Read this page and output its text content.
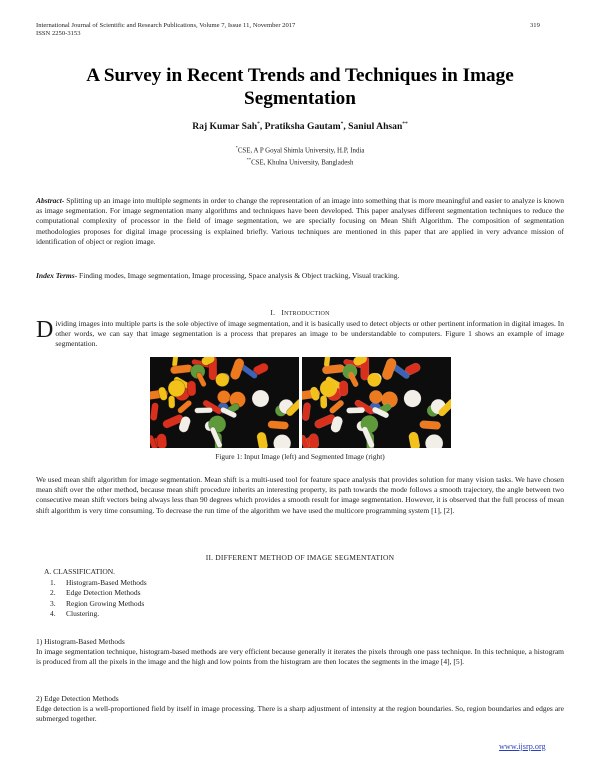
International Journal of Scientific and Research Publications, Volume 7, Issue 11, November 2017
ISSN 2250-3153
319
A Survey in Recent Trends and Techniques in Image Segmentation
Raj Kumar Sah*, Pratiksha Gautam*, Saniul Ahsan**
*CSE, A P Goyal Shimla University, H.P, India
**CSE, Khulna University, Bangladesh
Abstract- Splitting up an image into multiple segments in order to change the representation of an image into something that is more meaningful and easier to analyze is known as image segmentation. For image segmentation many algorithms and techniques have been developed. This paper analyses different segmentation techniques to reduce the computational complexity of processor in the field of image segmentation, we are specially focusing on Mean Shift Algorithm. The composition of segmentation methodologies proposes for digital image processing is explained briefly. Various techniques are mentioned in this paper that are applied in very advance mission of identification of object or region image.
Index Terms- Finding modes, Image segmentation, Image processing, Space analysis & Object tracking, Visual tracking.
I. INTRODUCTION
Dividing images into multiple parts is the sole objective of image segmentation, and it is basically used to detect objects or other pertinent information in digital images. In other words, we can say that image segmentation is a process that prepares an image to be understandable to computers. Figure 1 shows an example of image segmentation.
Figure 1: Input Image (left) and Segmented Image (right)
We used mean shift algorithm for image segmentation. Mean shift is a multi-used tool for feature space analysis that provides solution for many vision tasks. We have chosen mean shift over the other method, because mean shift procedure inherits an interesting property, its path towards the mode follows a smooth trajectory, the angle between two consecutive mean shift vectors being always less than 90 degrees which provides a smooth result for image segmentation. However, it is observed that the full process of mean shift algorithm is very time consuming. To decrease the run time of the algorithm we have used the multicore programming system [1], [2].
II. DIFFERENT METHOD OF IMAGE SEGMENTATION
A. CLASSIFICATION.
1. Histogram-Based Methods
2. Edge Detection Methods
3. Region Growing Methods
4. Clustering.
1) Histogram-Based Methods
In image segmentation technique, histogram-based methods are very efficient because generally it iterates the pixels through one pass technique. In this technique, a histogram is produced from all the pixels in the image and the high and low points from the histogram are then locates the segments in the image [4], [5].
2) Edge Detection Methods
Edge detection is a well-proportioned field by itself in image processing. There is a sharp adjustment of intensity at the region boundaries. So, region boundaries and edges are submerged together.
www.ijsrp.org
